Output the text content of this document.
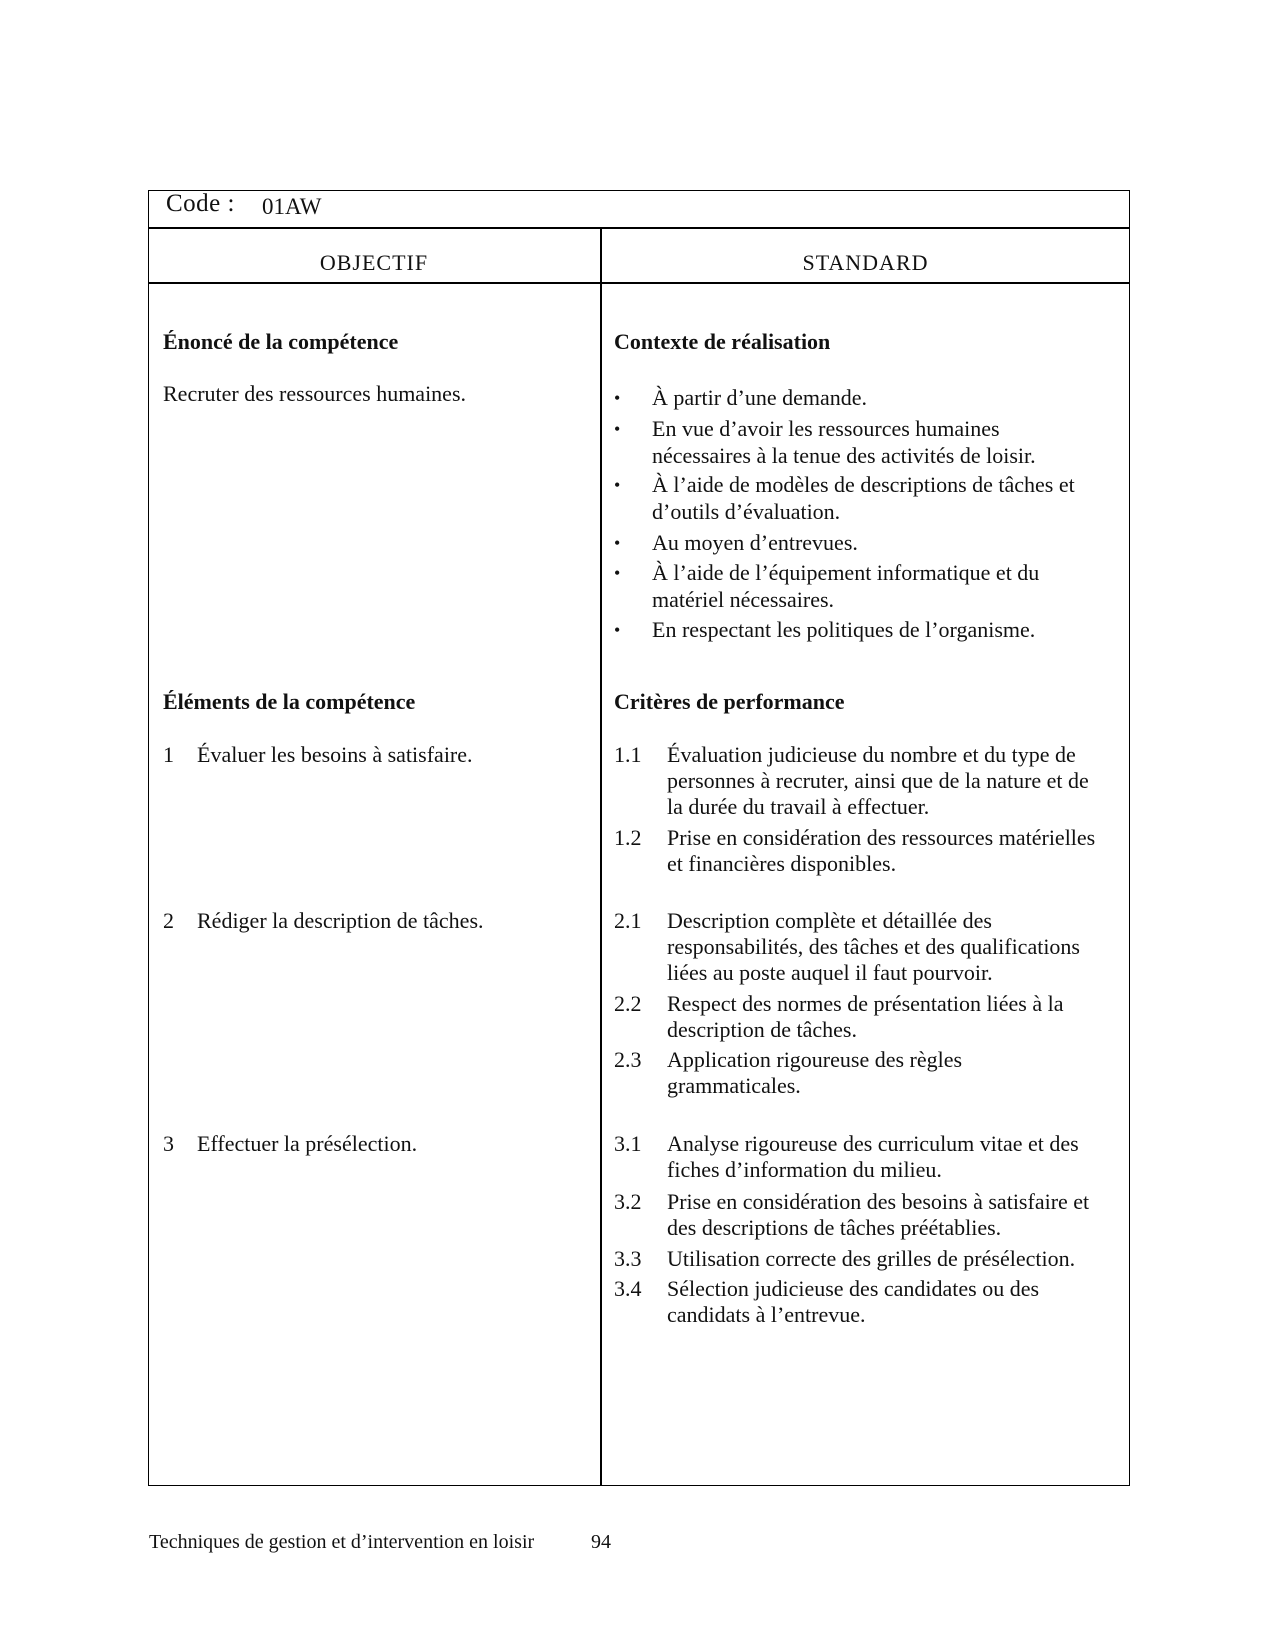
Code : 01AW
OBJECTIF	STANDARD
Énoncé de la compétence
Recruter des ressources humaines.
Éléments de la compétence
1 Évaluer les besoins à satisfaire.
2 Rédiger la description de tâches.
3 Effectuer la présélection.
Contexte de réalisation
• À partir d’une demande.
• En vue d’avoir les ressources humaines
nécessaires à la tenue des activités de loisir.
• À l’aide de modèles de descriptions de tâches et
d’outils d’évaluation.
• Au moyen d’entrevues.
• À l’aide de l’équipement informatique et du
matériel nécessaires.
• En respectant les politiques de l’organisme.
Critères de performance
1.1 Évaluation judicieuse du nombre et du type de
personnes à recruter, ainsi que de la nature et de
la durée du travail à effectuer.
1.2 Prise en considération des ressources matérielles
et financières disponibles.
2.1 Description complète et détaillée des
responsabilités, des tâches et des qualifications
liées au poste auquel il faut pourvoir.
2.2 Respect des normes de présentation liées à la
description de tâches.
2.3 Application rigoureuse des règles
grammaticales.
3.1 Analyse rigoureuse des curriculum vitae et des
fiches d’information du milieu.
3.2 Prise en considération des besoins à satisfaire et
des descriptions de tâches préétablies.
3.3 Utilisation correcte des grilles de présélection.
3.4 Sélection judicieuse des candidates ou des
candidats à l’entrevue.
Techniques de gestion et d’intervention en loisir	94
